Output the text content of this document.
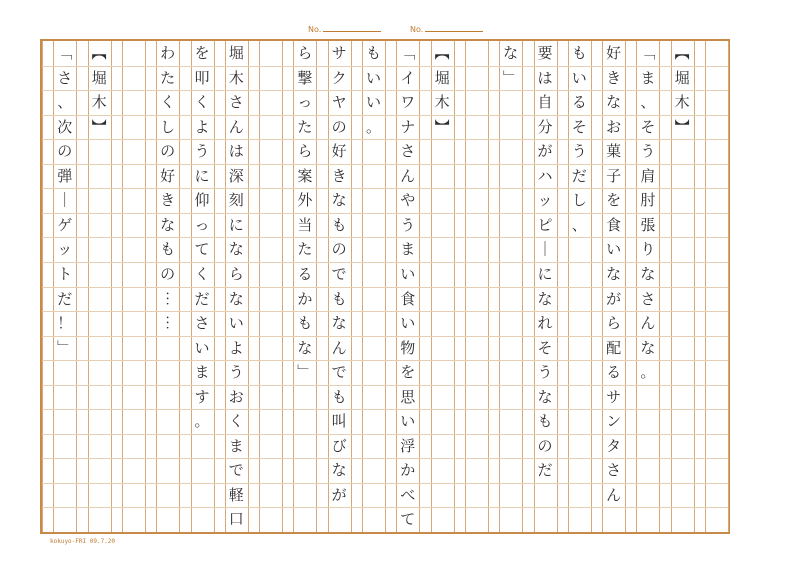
No.	No.
︻
堀
木
︼
﹁
ま
、
そ
う
肩
肘
張
り
な
さ
ん
な
。
好
き
な
お
菓
子
を
食
い
な
が
ら
配
る
サ
ン
タ
さ
ん
も
い
る
そ
う
だ
し
、
要
は
自
分
が
ハ
ッ
ピ
｜
に
な
れ
そ
う
な
も
の
だ
な
﹂
︻
堀
木
︼
﹁
イ
ワ
ナ
さ
ん
や
う
ま
い
食
い
物
を
思
い
浮
か
べ
て
も
い
い
。
サ
ク
ヤ
の
好
き
な
も
の
で
も
な
ん
で
も
叫
び
な
が
ら
撃
っ
た
ら
案
外
当
た
る
か
も
な
﹂
堀
木
さ
ん
は
深
刻
に
な
ら
な
い
よ
う
お
く
ま
で
軽
口
を
叩
く
よ
う
に
仰
っ
て
く
だ
さ
い
ま
す
。
わ
た
く
し
の
好
き
な
も
の
︙
︙
︻
堀
木
︼
﹁
さ
、
次
の
弾
｜
ゲ
ッ
ト
だ
！
﹂
kokuyo-FRI 09.7.20
